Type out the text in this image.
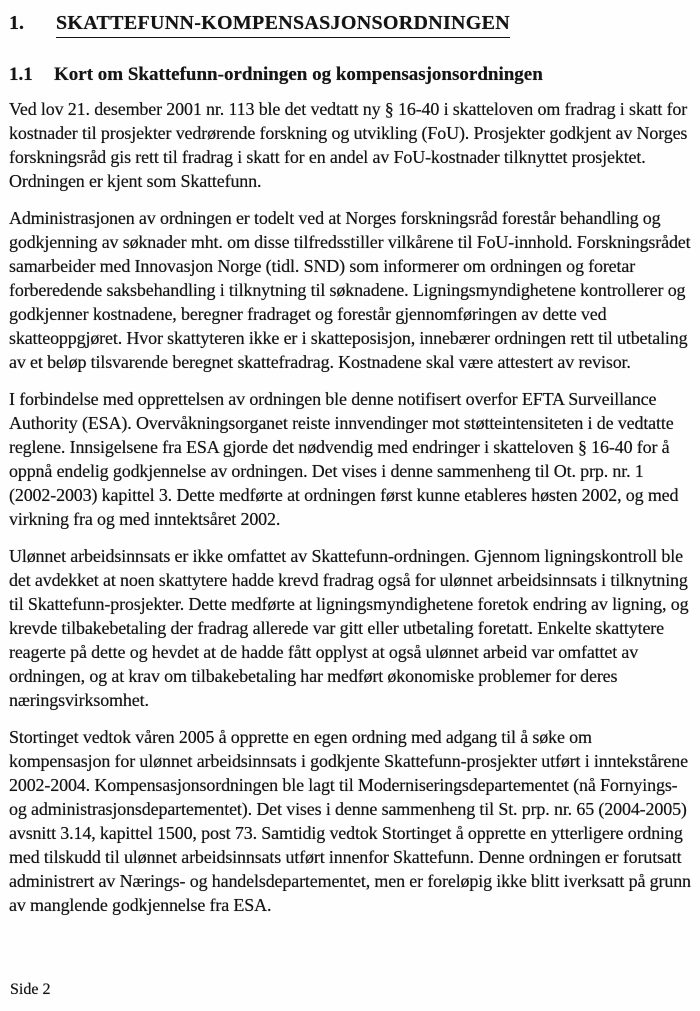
1.	SKATTEFUNN-KOMPENSASJONSORDNINGEN
1.1	Kort om Skattefunn-ordningen og kompensasjonsordningen

Ved lov 21. desember 2001 nr. 113 ble det vedtatt ny § 16-40 i skatteloven om fradrag i skatt for kostnader til prosjekter vedrørende forskning og utvikling (FoU). Prosjekter godkjent av Norges forskningsråd gis rett til fradrag i skatt for en andel av FoU-kostnader tilknyttet prosjektet. Ordningen er kjent som Skattefunn.

Administrasjonen av ordningen er todelt ved at Norges forskningsråd forestår behandling og godkjenning av søknader mht. om disse tilfredsstiller vilkårene til FoU-innhold. Forskningsrådet samarbeider med Innovasjon Norge (tidl. SND) som informerer om ordningen og foretar forberedende saksbehandling i tilknytning til søknadene. Ligningsmyndighetene kontrollerer og godkjenner kostnadene, beregner fradraget og forestår gjennomføringen av dette ved skatteoppgjøret. Hvor skattyteren ikke er i skatteposisjon, innebærer ordningen rett til utbetaling av et beløp tilsvarende beregnet skattefradrag. Kostnadene skal være attestert av revisor.

I forbindelse med opprettelsen av ordningen ble denne notifisert overfor EFTA Surveillance Authority (ESA). Overvåkningsorganet reiste innvendinger mot støtteintensiteten i de vedtatte reglene. Innsigelsene fra ESA gjorde det nødvendig med endringer i skatteloven § 16-40 for å oppnå endelig godkjennelse av ordningen. Det vises i denne sammenheng til Ot. prp. nr. 1 (2002-2003) kapittel 3. Dette medførte at ordningen først kunne etableres høsten 2002, og med virkning fra og med inntektsåret 2002.

Ulønnet arbeidsinnsats er ikke omfattet av Skattefunn-ordningen. Gjennom ligningskontroll ble det avdekket at noen skattytere hadde krevd fradrag også for ulønnet arbeidsinnsats i tilknytning til Skattefunn-prosjekter. Dette medførte at ligningsmyndighetene foretok endring av ligning, og krevde tilbakebetaling der fradrag allerede var gitt eller utbetaling foretatt. Enkelte skattytere reagerte på dette og hevdet at de hadde fått opplyst at også ulønnet arbeid var omfattet av ordningen, og at krav om tilbakebetaling har medført økonomiske problemer for deres næringsvirksomhet.

Stortinget vedtok våren 2005 å opprette en egen ordning med adgang til å søke om kompensasjon for ulønnet arbeidsinnsats i godkjente Skattefunn-prosjekter utført i inntekstårene 2002-2004. Kompensasjonsordningen ble lagt til Moderniseringsdepartementet (nå Fornyings- og administrasjonsdepartementet). Det vises i denne sammenheng til St. prp. nr. 65 (2004-2005) avsnitt 3.14, kapittel 1500, post 73. Samtidig vedtok Stortinget å opprette en ytterligere ordning med tilskudd til ulønnet arbeidsinnsats utført innenfor Skattefunn. Denne ordningen er forutsatt administrert av Nærings- og handelsdepartementet, men er foreløpig ikke blitt iverksatt på grunn av manglende godkjennelse fra ESA.

Side 2
